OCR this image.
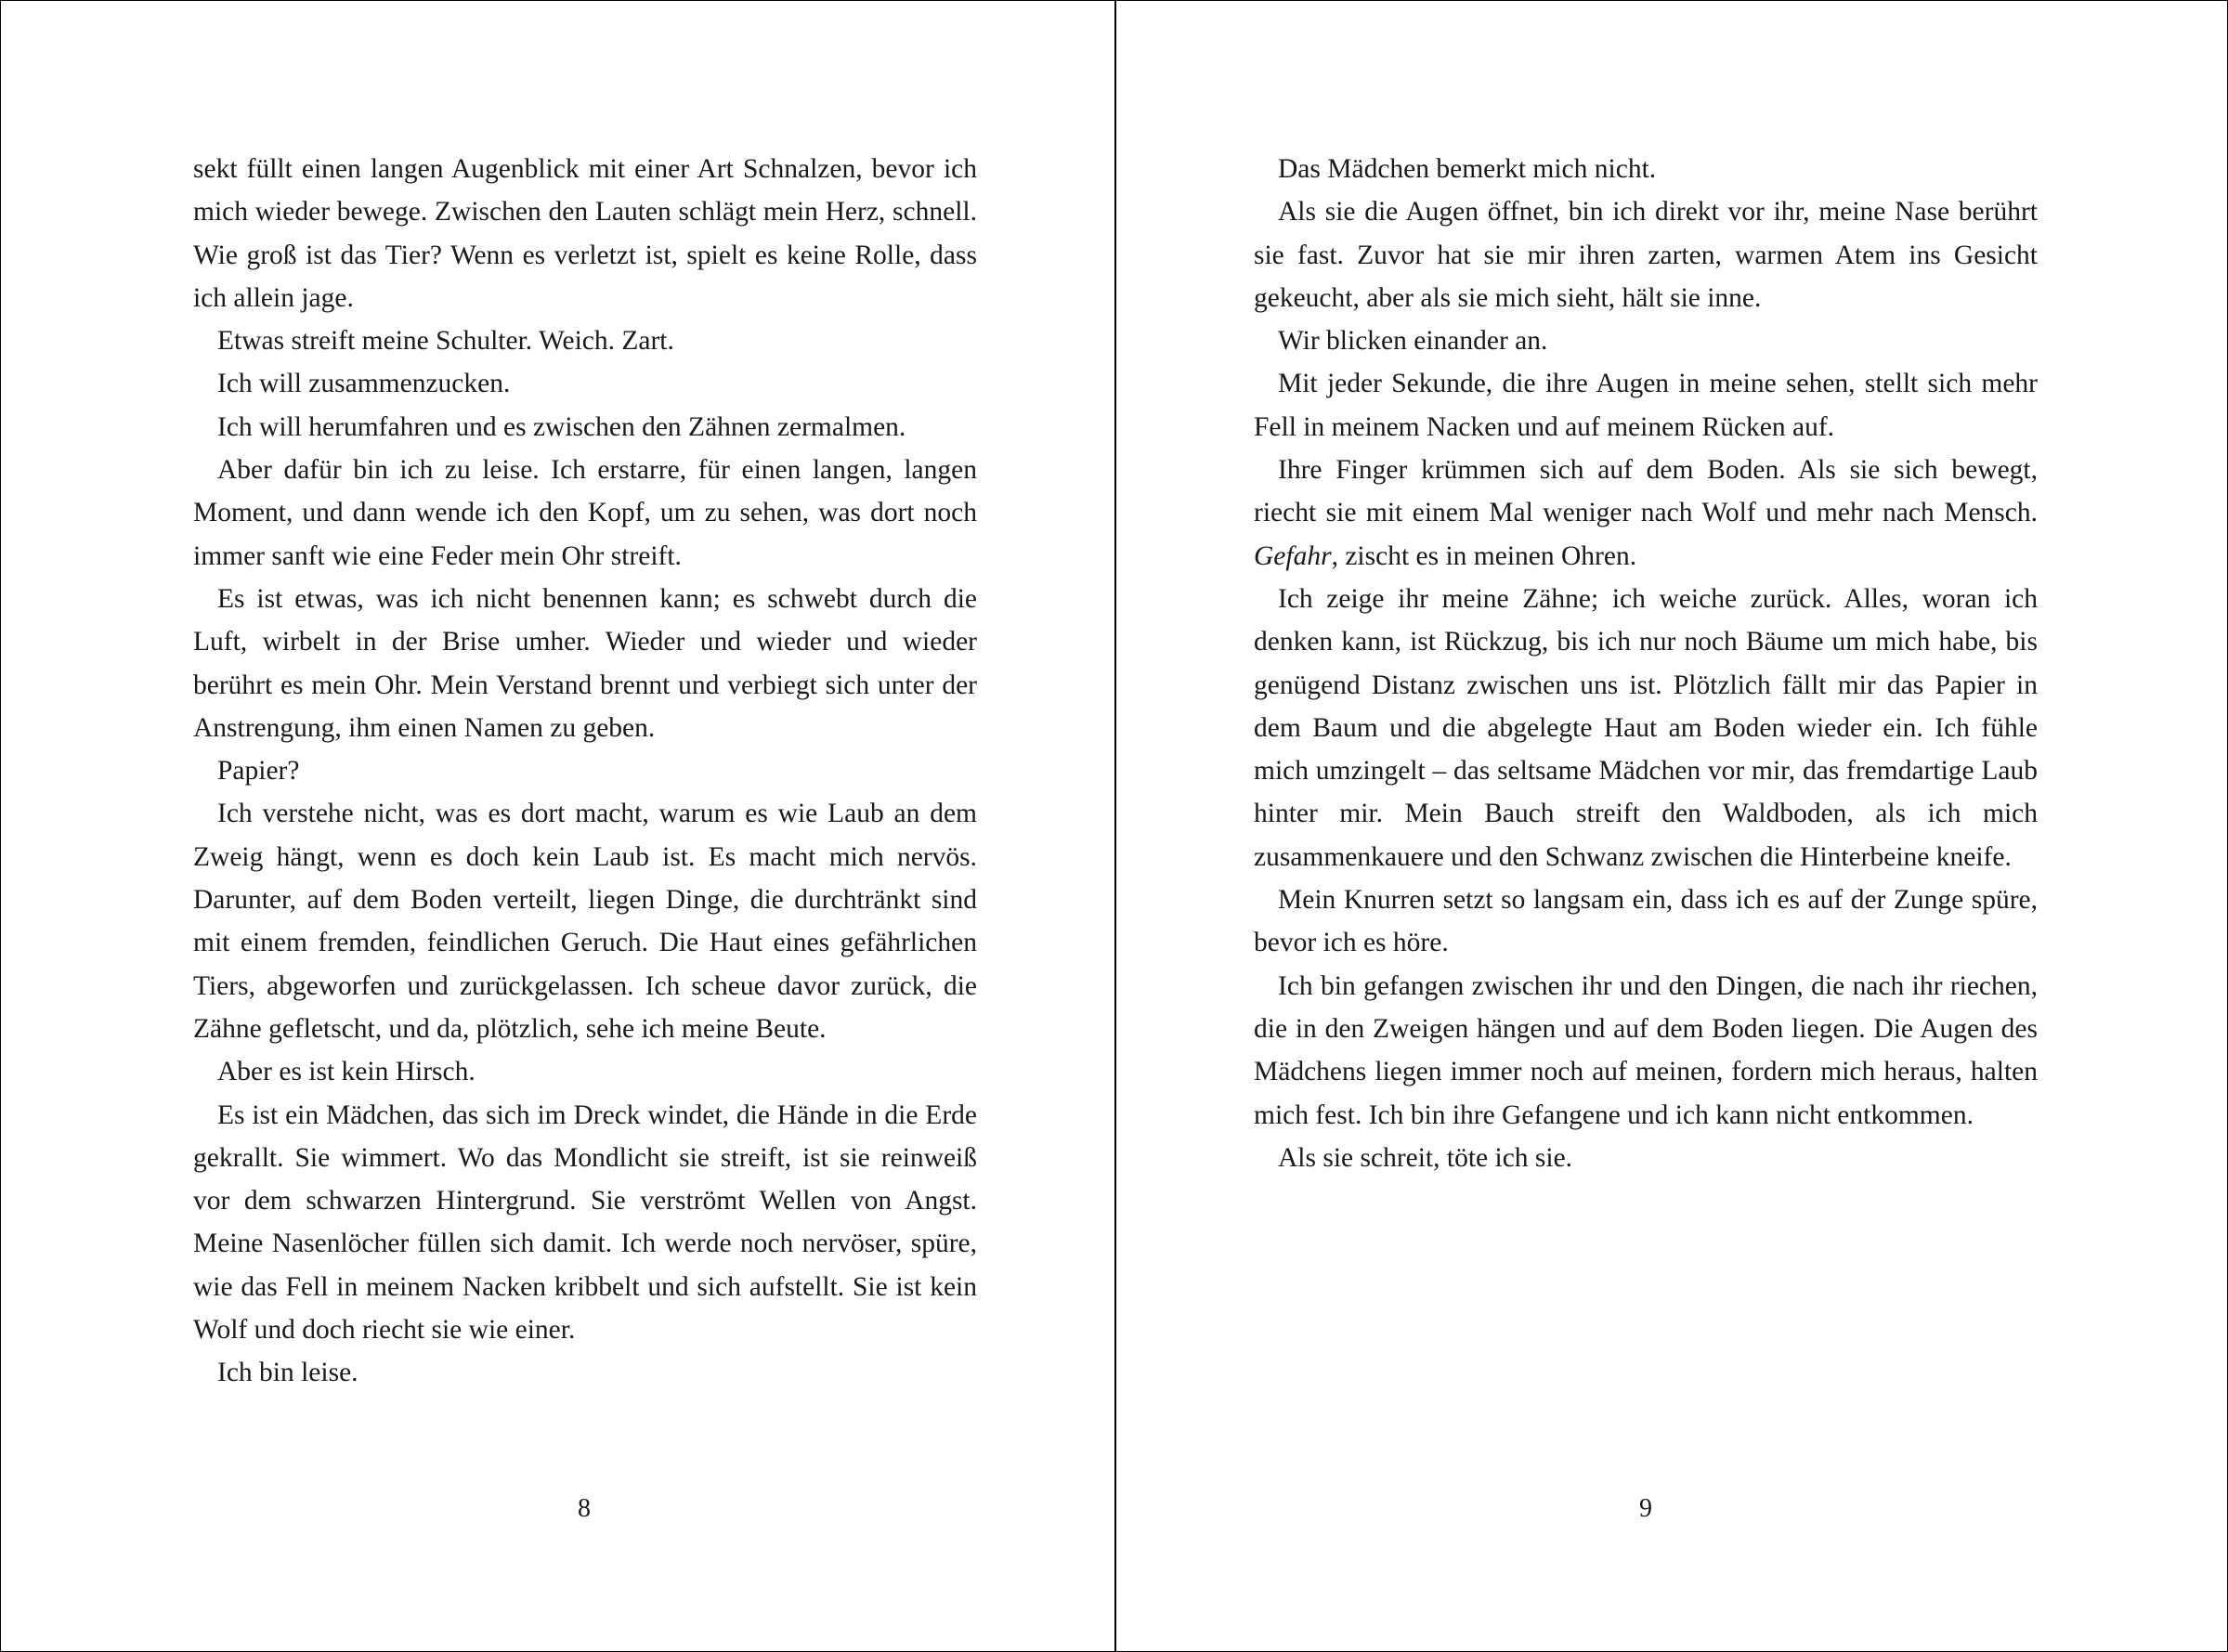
sekt füllt einen langen Augenblick mit einer Art Schnalzen, bevor ich mich wieder bewege. Zwischen den Lauten schlägt mein Herz, schnell. Wie groß ist das Tier? Wenn es verletzt ist, spielt es keine Rolle, dass ich allein jage.

Etwas streift meine Schulter. Weich. Zart.

Ich will zusammenzucken.

Ich will herumfahren und es zwischen den Zähnen zermalmen.

Aber dafür bin ich zu leise. Ich erstarre, für einen langen, langen Moment, und dann wende ich den Kopf, um zu sehen, was dort noch immer sanft wie eine Feder mein Ohr streift.

Es ist etwas, was ich nicht benennen kann; es schwebt durch die Luft, wirbelt in der Brise umher. Wieder und wieder und wieder berührt es mein Ohr. Mein Verstand brennt und verbiegt sich unter der Anstrengung, ihm einen Namen zu geben.

Papier?

Ich verstehe nicht, was es dort macht, warum es wie Laub an dem Zweig hängt, wenn es doch kein Laub ist. Es macht mich nervös. Darunter, auf dem Boden verteilt, liegen Dinge, die durchtränkt sind mit einem fremden, feindlichen Geruch. Die Haut eines gefährlichen Tiers, abgeworfen und zurückgelassen. Ich scheue davor zurück, die Zähne gefletscht, und da, plötzlich, sehe ich meine Beute.

Aber es ist kein Hirsch.

Es ist ein Mädchen, das sich im Dreck windet, die Hände in die Erde gekrallt. Sie wimmert. Wo das Mondlicht sie streift, ist sie reinweiß vor dem schwarzen Hintergrund. Sie verströmt Wellen von Angst. Meine Nasenlöcher füllen sich damit. Ich werde noch nervöser, spüre, wie das Fell in meinem Nacken kribbelt und sich aufstellt. Sie ist kein Wolf und doch riecht sie wie einer.

Ich bin leise.

8

Das Mädchen bemerkt mich nicht.

Als sie die Augen öffnet, bin ich direkt vor ihr, meine Nase berührt sie fast. Zuvor hat sie mir ihren zarten, warmen Atem ins Gesicht gekeucht, aber als sie mich sieht, hält sie inne.

Wir blicken einander an.

Mit jeder Sekunde, die ihre Augen in meine sehen, stellt sich mehr Fell in meinem Nacken und auf meinem Rücken auf.

Ihre Finger krümmen sich auf dem Boden. Als sie sich bewegt, riecht sie mit einem Mal weniger nach Wolf und mehr nach Mensch. Gefahr, zischt es in meinen Ohren.

Ich zeige ihr meine Zähne; ich weiche zurück. Alles, woran ich denken kann, ist Rückzug, bis ich nur noch Bäume um mich habe, bis genügend Distanz zwischen uns ist. Plötzlich fällt mir das Papier in dem Baum und die abgelegte Haut am Boden wieder ein. Ich fühle mich umzingelt – das seltsame Mädchen vor mir, das fremdartige Laub hinter mir. Mein Bauch streift den Waldboden, als ich mich zusammenkauere und den Schwanz zwischen die Hinterbeine kneife.

Mein Knurren setzt so langsam ein, dass ich es auf der Zunge spüre, bevor ich es höre.

Ich bin gefangen zwischen ihr und den Dingen, die nach ihr riechen, die in den Zweigen hängen und auf dem Boden liegen. Die Augen des Mädchens liegen immer noch auf meinen, fordern mich heraus, halten mich fest. Ich bin ihre Gefangene und ich kann nicht entkommen.

Als sie schreit, töte ich sie.

9
